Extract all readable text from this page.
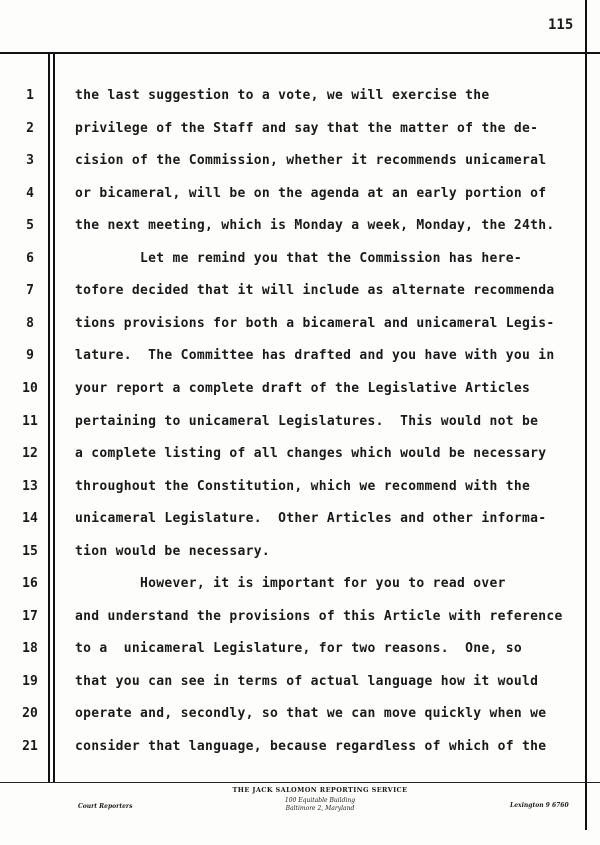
115
1
2
3
4
5
6
7
8
9
10
11
12
13
14
15
16
17
18
19
20
21
the last suggestion to a vote, we will exercise the
privilege of the Staff and say that the matter of the de-
cision of the Commission, whether it recommends unicameral
or bicameral, will be on the agenda at an early portion of
the next meeting, which is Monday a week, Monday, the 24th.
Let me remind you that the Commission has here-
tofore decided that it will include as alternate recommenda
tions provisions for both a bicameral and unicameral Legis-
lature.  The Committee has drafted and you have with you in
your report a complete draft of the Legislative Articles
pertaining to unicameral Legislatures.  This would not be
a complete listing of all changes which would be necessary
throughout the Constitution, which we recommend with the
unicameral Legislature.  Other Articles and other informa-
tion would be necessary.
However, it is important for you to read over
and understand the provisions of this Article with reference
to a  unicameral Legislature, for two reasons.  One, so
that you can see in terms of actual language how it would
operate and, secondly, so that we can move quickly when we
consider that language, because regardless of which of the
THE JACK SALOMON REPORTING SERVICE
100 Equitable Building
Baltimore 2, Maryland
Court Reporters	Lexington 9 6760
